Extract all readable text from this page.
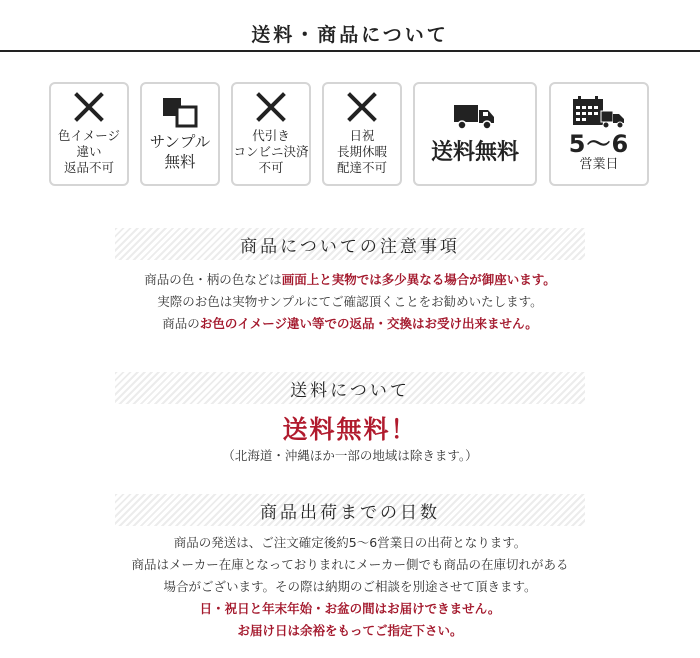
送料・商品について
色イメージ
違い
返品不可
サンプル
無料
代引き
コンビニ決済
不可
日祝
長期休暇
配達不可
送料無料 5〜6
営業日
商品についての注意事項
商品の色・柄の色などは画面上と実物では多少異なる場合が御座います。
実際のお色は実物サンプルにてご確認頂くことをお勧めいたします。
商品のお色のイメージ違い等での返品・交換はお受け出来ません。
送料について
送料無料！
（北海道・沖縄ほか一部の地域は除きます。）
商品出荷までの日数
商品の発送は、ご注文確定後約5〜6営業日の出荷となります。
商品はメーカー在庫となっておりまれにメーカー側でも商品の在庫切れがある
場合がございます。その際は納期のご相談を別途させて頂きます。
日・祝日と年末年始・お盆の間はお届けできません。
お届け日は余裕をもってご指定下さい。
